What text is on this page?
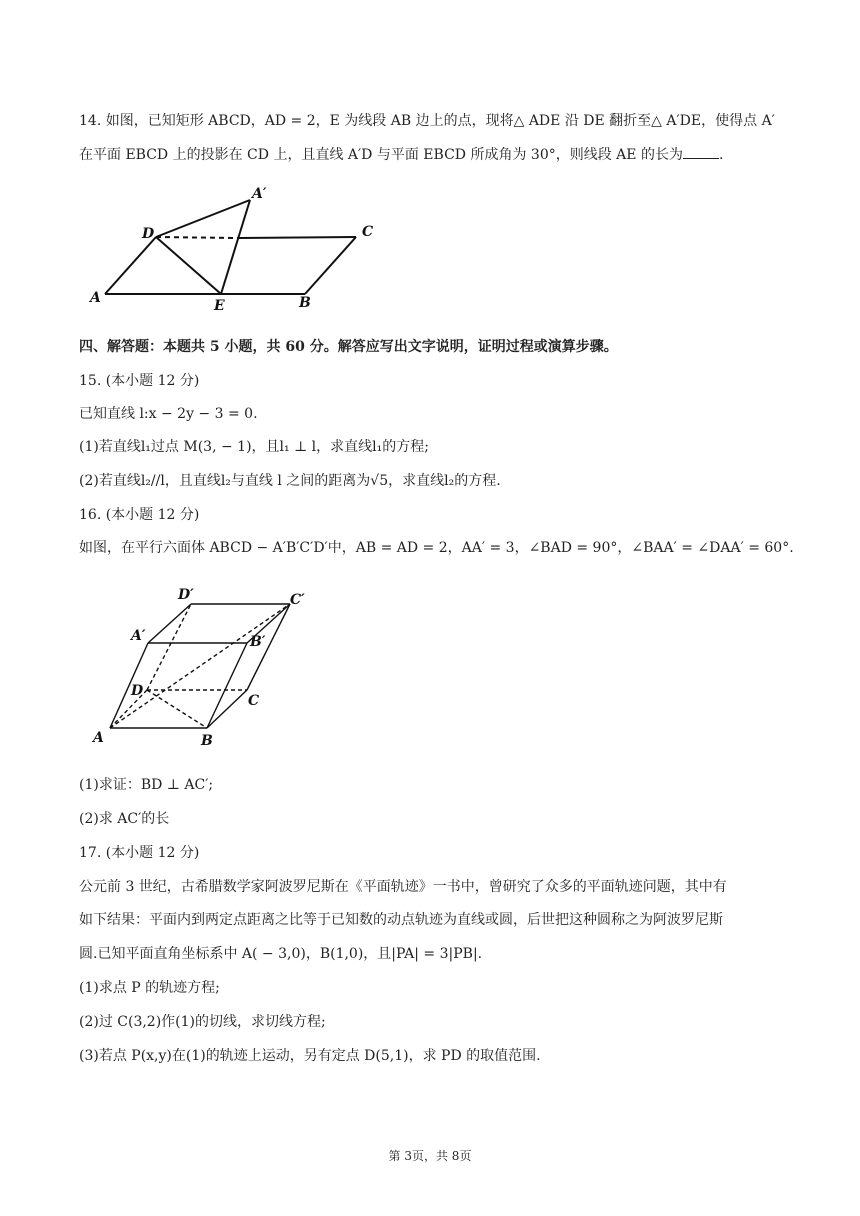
14. 如图，已知矩形 ABCD，AD = 2，E 为线段 AB 边上的点，现将△ ADE 沿 DE 翻折至△ A′DE，使得点 A′
在平面 EBCD 上的投影在 CD 上，且直线 A′D 与平面 EBCD 所成角为 30°，则线段 AE 的长为	.
A
D
A′
C
E	B
四、解答题：本题共 5 小题，共 60 分。解答应写出文字说明，证明过程或演算步骤。
15. (本小题 12 分)
已知直线 l:x − 2y − 3 = 0.
(1)若直线l₁过点 M(3, − 1)，且l₁ ⊥ l，求直线l₁的方程;
(2)若直线l₂//l，且直线l₂与直线 l 之间的距离为√5，求直线l₂的方程.
16. (本小题 12 分)
如图，在平行六面体 ABCD − A′B′C′D′中，AB = AD = 2，AA′ = 3，∠BAD = 90°，∠BAA′ = ∠DAA′ = 60°.
A	B
C
D
A′	B′
C′
D′
(1)求证：BD ⊥ AC′;
(2)求 AC′的长
17. (本小题 12 分)
公元前 3 世纪，古希腊数学家阿波罗尼斯在《平面轨迹》一书中，曾研究了众多的平面轨迹问题，其中有
如下结果：平面内到两定点距离之比等于已知数的动点轨迹为直线或圆，后世把这种圆称之为阿波罗尼斯
圆.已知平面直角坐标系中 A( − 3,0)，B(1,0)，且|PA| = 3|PB|.
(1)求点 P 的轨迹方程;
(2)过 C(3,2)作(1)的切线，求切线方程;
(3)若点 P(x,y)在(1)的轨迹上运动，另有定点 D(5,1)，求 PD 的取值范围.
第 3页，共 8页
